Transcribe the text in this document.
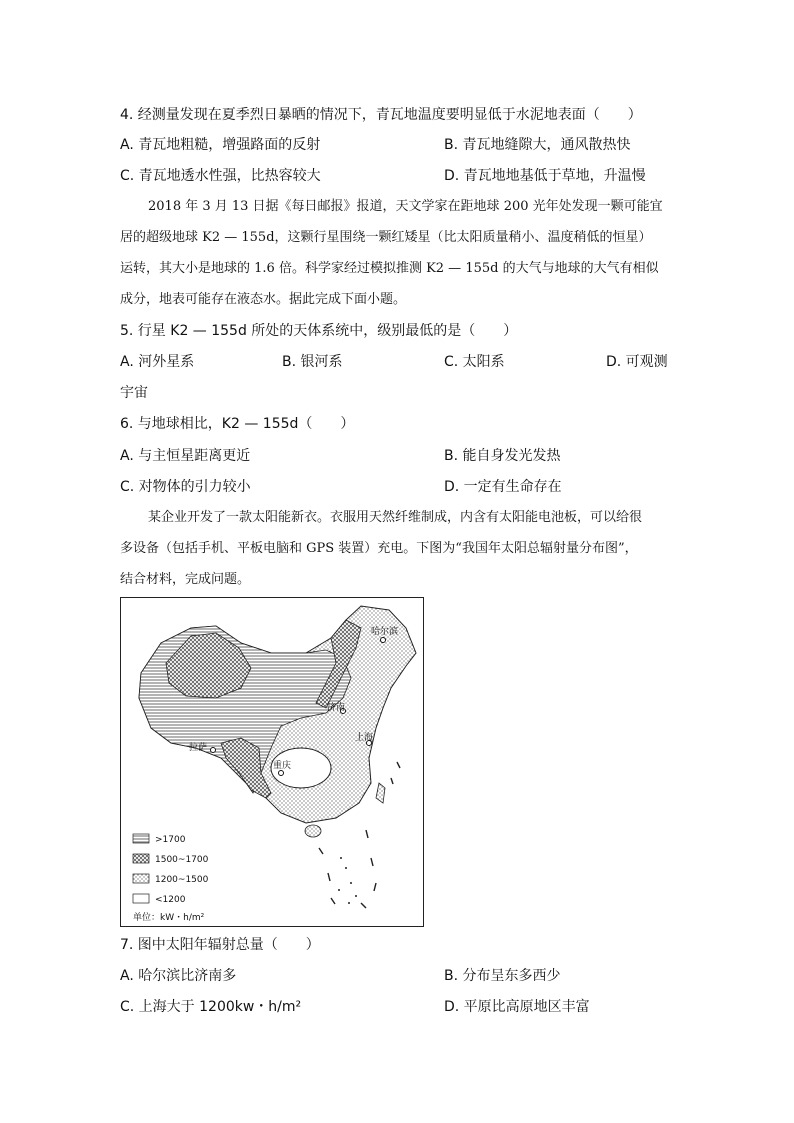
4. 经测量发现在夏季烈日暴晒的情况下，青瓦地温度要明显低于水泥地表面（　　）
A. 青瓦地粗糙，增强路面的反射	B. 青瓦地缝隙大，通风散热快
C. 青瓦地透水性强，比热容较大	D. 青瓦地地基低于草地，升温慢
2018 年 3 月 13 日据《每日邮报》报道，天文学家在距地球 200 光年处发现一颗可能宜
居的超级地球 K2 — 155d，这颗行星围绕一颗红矮星（比太阳质量稍小、温度稍低的恒星）
运转，其大小是地球的 1.6 倍。科学家经过模拟推测 K2 — 155d 的大气与地球的大气有相似
成分，地表可能存在液态水。据此完成下面小题。
5. 行星 K2 — 155d 所处的天体系统中，级别最低的是（　　）
A. 河外星系	B. 银河系	C. 太阳系	D. 可观测
宇宙
6. 与地球相比，K2 — 155d（　　）
A. 与主恒星距离更近	B. 能自身发光发热
C. 对物体的引力较小	D. 一定有生命存在
某企业开发了一款太阳能新衣。衣服用天然纤维制成，内含有太阳能电池板，可以给很
多设备（包括手机、平板电脑和 GPS 装置）充电。下图为“我国年太阳总辐射量分布图”，
结合材料，完成问题。
哈尔滨
济南
拉萨
上海
重庆
>1700
1500~1700
1200~1500
<1200
单位：kW・h/m²
7. 图中太阳年辐射总量（　　）
A. 哈尔滨比济南多	B. 分布呈东多西少
C. 上海大于 1200kw・h/m²	D. 平原比高原地区丰富
